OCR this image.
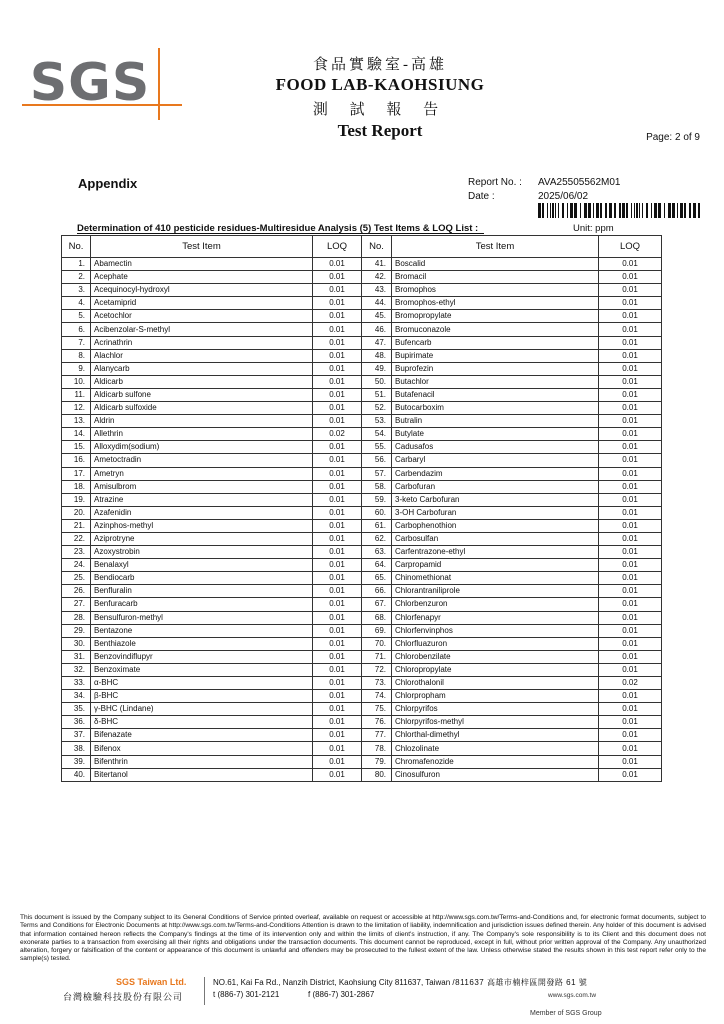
SGS	食品實驗室-高雄
FOOD LAB-KAOHSIUNG
測 試 報 告
Test Report	Page: 2 of 9
Appendix	Report No. : AVA25505562M01
Date :	2025/06/02
Determination of 410 pesticide residues-Multiresidue Analysis (5) Test Items & LOQ List :	Unit: ppm
No.	Test Item	LOQ	No.	Test Item	LOQ
1.	Abamectin	0.01	41.	Boscalid	0.01
2.	Acephate	0.01	42.	Bromacil	0.01
3.	Acequinocyl-hydroxyl	0.01	43.	Bromophos	0.01
4.	Acetamiprid	0.01	44.	Bromophos-ethyl	0.01
5.	Acetochlor	0.01	45.	Bromopropylate	0.01
6.	Acibenzolar-S-methyl	0.01	46.	Bromuconazole	0.01
7.	Acrinathrin	0.01	47.	Bufencarb	0.01
8.	Alachlor	0.01	48.	Bupirimate	0.01
9.	Alanycarb	0.01	49.	Buprofezin	0.01
10.	Aldicarb	0.01	50.	Butachlor	0.01
11.	Aldicarb sulfone	0.01	51.	Butafenacil	0.01
12.	Aldicarb sulfoxide	0.01	52.	Butocarboxim	0.01
13.	Aldrin	0.01	53.	Butralin	0.01
14.	Allethrin	0.02	54.	Butylate	0.01
15.	Alloxydim(sodium)	0.01	55.	Cadusafos	0.01
16.	Ametoctradin	0.01	56.	Carbaryl	0.01
17.	Ametryn	0.01	57.	Carbendazim	0.01
18.	Amisulbrom	0.01	58.	Carbofuran	0.01
19.	Atrazine	0.01	59.	3-keto Carbofuran	0.01
20.	Azafenidin	0.01	60.	3-OH Carbofuran	0.01
21.	Azinphos-methyl	0.01	61.	Carbophenothion	0.01
22.	Aziprotryne	0.01	62.	Carbosulfan	0.01
23.	Azoxystrobin	0.01	63.	Carfentrazone-ethyl	0.01
24.	Benalaxyl	0.01	64.	Carpropamid	0.01
25.	Bendiocarb	0.01	65.	Chinomethionat	0.01
26.	Benfluralin	0.01	66.	Chlorantraniliprole	0.01
27.	Benfuracarb	0.01	67.	Chlorbenzuron	0.01
28.	Bensulfuron-methyl	0.01	68.	Chlorfenapyr	0.01
29.	Bentazone	0.01	69.	Chlorfenvinphos	0.01
30.	Benthiazole	0.01	70.	Chlorfluazuron	0.01
31.	Benzovindiflupyr	0.01	71.	Chlorobenzilate	0.01
32.	Benzoximate	0.01	72.	Chloropropylate	0.01
33.	α-BHC	0.01	73.	Chlorothalonil	0.02
34.	β-BHC	0.01	74.	Chlorpropham	0.01
35.	γ-BHC (Lindane)	0.01	75.	Chlorpyrifos	0.01
36.	δ-BHC	0.01	76.	Chlorpyrifos-methyl	0.01
37.	Bifenazate	0.01	77.	Chlorthal-dimethyl	0.01
38.	Bifenox	0.01	78.	Chlozolinate	0.01
39.	Bifenthrin	0.01	79.	Chromafenozide	0.01
40.	Bitertanol	0.01	80.	Cinosulfuron	0.01
This document is issued by the Company subject to its General Conditions of Service printed overleaf, available on request or accessible at http://www.sgs.com.tw/Terms-and-Conditions and, for electronic format documents, subject to Terms and Conditions for Electronic Documents at http://www.sgs.com.tw/Terms-and-Conditions Attention is drawn to the limitation of liability, indemnification and jurisdiction issues defined therein. Any holder of this document is advised that information contained hereon reflects the Company's findings at the time of its intervention only and within the limits of client's instruction, if any. The Company's sole responsibility is to its Client and this document does not exonerate parties to a transaction from exercising all their rights and obligations under the transaction documents. This document cannot be reproduced, except in full, without prior written approval of the Company. Any unauthorized alteration, forgery or falsification of the content or appearance of this document is unlawful and offenders may be prosecuted to the fullest extent of the law. Unless otherwise stated the results shown in this test report refer only to the sample(s) tested.
SGS Taiwan Ltd.
台灣檢驗科技股份有限公司
NO.61, Kai Fa Rd., Nanzih District, Kaohsiung City 811637, Taiwan /811637 高雄市楠梓區開發路 61 號
t (886-7) 301-2121	f (886-7) 301-2867	www.sgs.com.tw
Member of SGS Group
